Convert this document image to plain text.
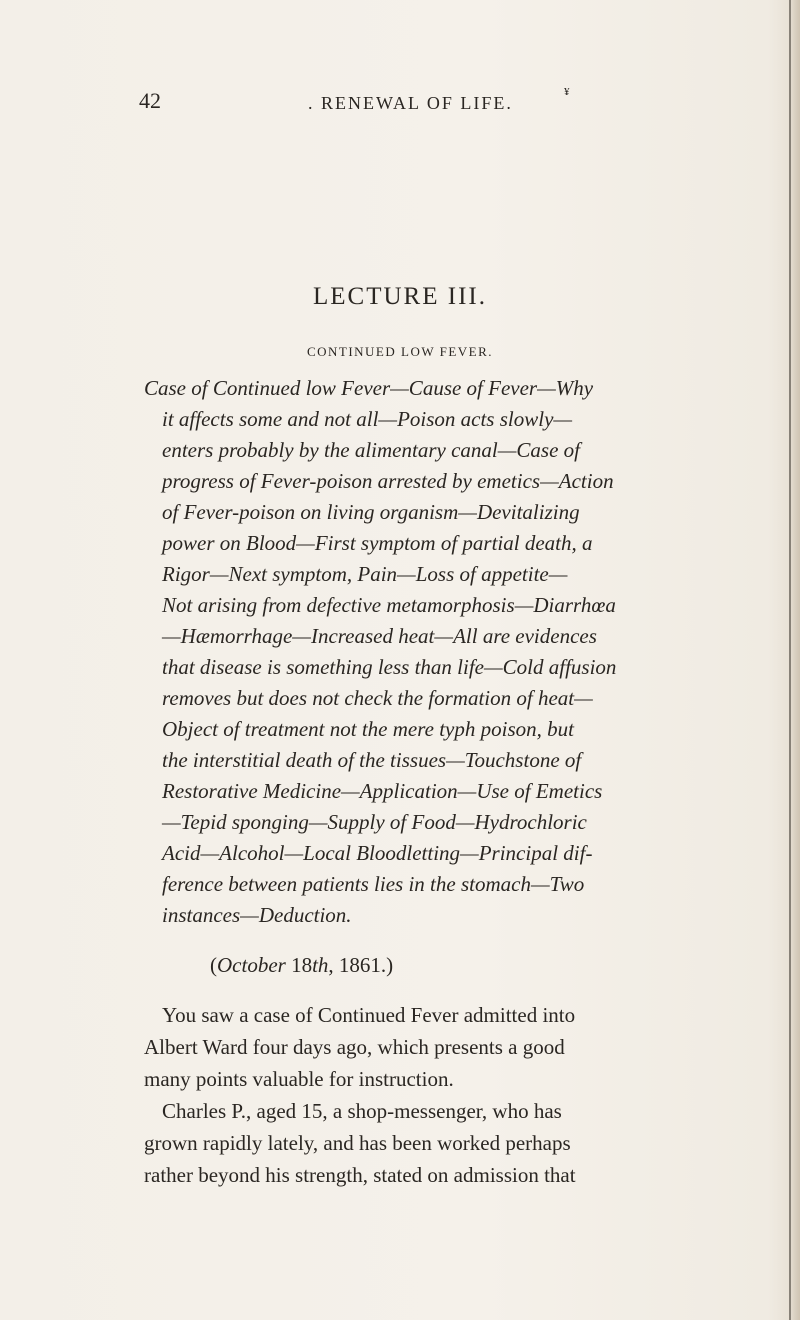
42	. RENEWAL OF LIFE.
¥
LECTURE III.
CONTINUED LOW FEVER.
Case of Continued low Fever—Cause of Fever—Why
it affects some and not all—Poison acts slowly—
enters probably by the alimentary canal—Case of
progress of Fever-poison arrested by emetics—Action
of Fever-poison on living organism—Devitalizing
power on Blood—First symptom of partial death, a
Rigor—Next symptom, Pain—Loss of appetite—
Not arising from defective metamorphosis—Diarrhœa
—Hæmorrhage—Increased heat—All are evidences
that disease is something less than life—Cold affusion
removes but does not check the formation of heat—
Object of treatment not the mere typh poison, but
the interstitial death of the tissues—Touchstone of
Restorative Medicine—Application—Use of Emetics
—Tepid sponging—Supply of Food—Hydrochloric
Acid—Alcohol—Local Bloodletting—Principal dif-
ference between patients lies in the stomach—Two
instances—Deduction.
(October 18th, 1861.)
You saw a case of Continued Fever admitted into
Albert Ward four days ago, which presents a good
many points valuable for instruction.
Charles P., aged 15, a shop-messenger, who has
grown rapidly lately, and has been worked perhaps
rather beyond his strength, stated on admission that
